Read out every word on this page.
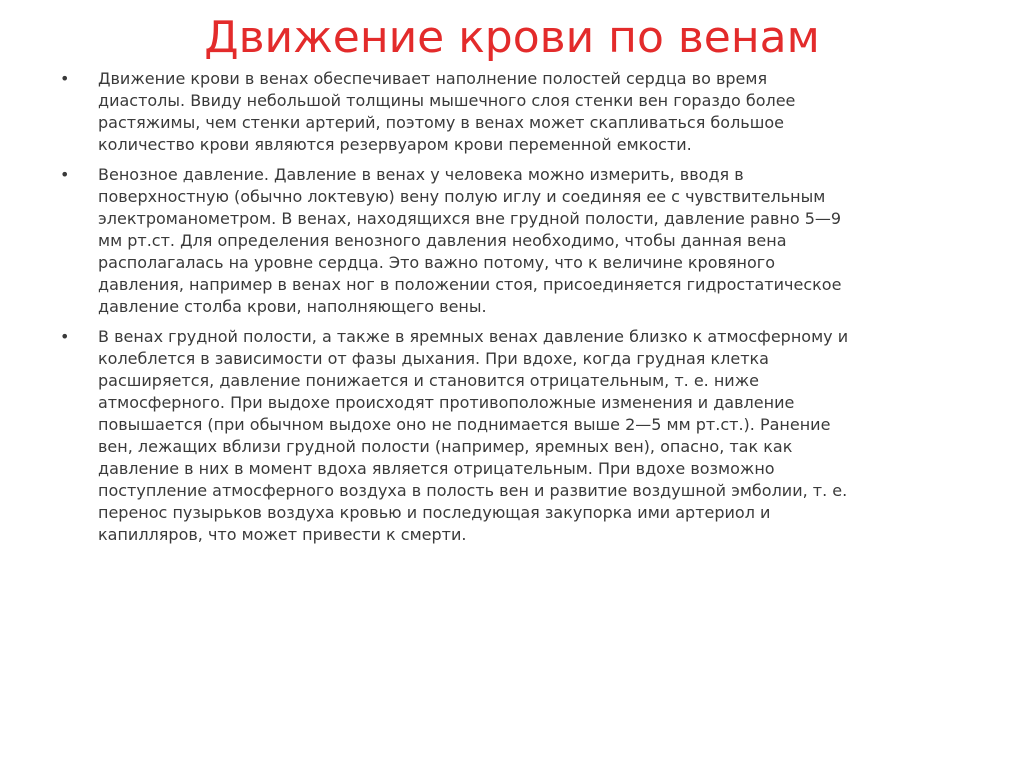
Движение крови по венам
• Движение крови в венах обеспечивает наполнение полостей сердца во время
диастолы. Ввиду небольшой толщины мышечного слоя стенки вен гораздо более
растяжимы, чем стенки артерий, поэтому в венах может скапливаться большое
количество крови являются резервуаром крови переменной емкости.
• Венозное давление. Давление в венах у человека можно измерить, вводя в
поверхностную (обычно локтевую) вену полую иглу и соединяя ее с чувствительным
электроманометром. В венах, находящихся вне грудной полости, давление равно 5—9
мм рт.ст. Для определения венозного давления необходимо, чтобы данная вена
располагалась на уровне сердца. Это важно потому, что к величине кровяного
давления, например в венах ног в положении стоя, присоединяется гидростатическое
давление столба крови, наполняющего вены.
• В венах грудной полости, а также в яремных венах давление близко к атмосферному и
колеблется в зависимости от фазы дыхания. При вдохе, когда грудная клетка
расширяется, давление понижается и становится отрицательным, т. е. ниже
атмосферного. При выдохе происходят противоположные изменения и давление
повышается (при обычном выдохе оно не поднимается выше 2—5 мм рт.ст.). Ранение
вен, лежащих вблизи грудной полости (например, яремных вен), опасно, так как
давление в них в момент вдоха является отрицательным. При вдохе возможно
поступление атмосферного воздуха в полость вен и развитие воздушной эмболии, т. е.
перенос пузырьков воздуха кровью и последующая закупорка ими артериол и
капилляров, что может привести к смерти.
